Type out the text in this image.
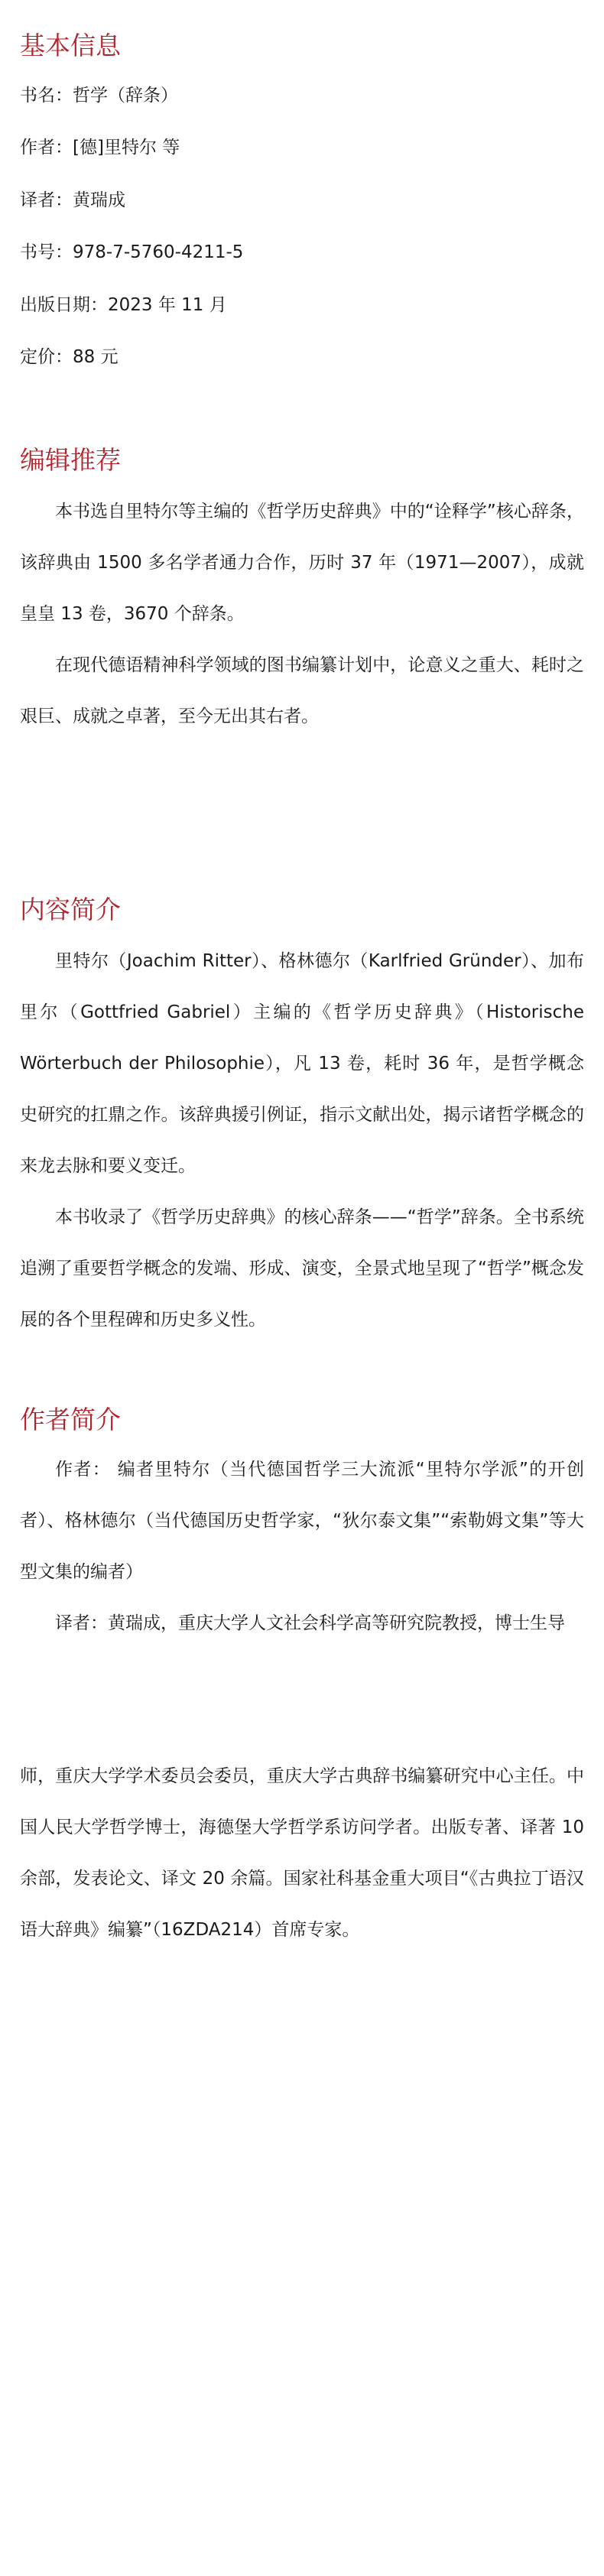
基本信息

书名：哲学（辞条）

作者：[德]里特尔 等

译者：黄瑞成

书号：978-7-5760-4211-5

出版日期：2023 年 11 月

定价：88 元

编辑推荐

本书选自里特尔等主编的《哲学历史辞典》中的“诠释学”核心辞条，该辞典由 1500 多名学者通力合作，历时 37 年（1971—2007），成就皇皇 13 卷，3670 个辞条。

在现代德语精神科学领域的图书编纂计划中，论意义之重大、耗时之艰巨、成就之卓著，至今无出其右者。

内容简介

里特尔（Joachim Ritter）、格林德尔（Karlfried Gründer）、加布里尔（Gottfried Gabriel）主编的《哲学历史辞典》（Historische Wörterbuch der Philosophie），凡 13 卷，耗时 36 年，是哲学概念史研究的扛鼎之作。该辞典援引例证，指示文献出处，揭示诸哲学概念的来龙去脉和要义变迁。

本书收录了《哲学历史辞典》的核心辞条——“哲学”辞条。全书系统追溯了重要哲学概念的发端、形成、演变，全景式地呈现了“哲学”概念发展的各个里程碑和历史多义性。

作者简介

作者： 编者里特尔（当代德国哲学三大流派“里特尔学派”的开创者）、格林德尔（当代德国历史哲学家，“狄尔泰文集”“索勒姆文集”等大型文集的编者）

译者：黄瑞成，重庆大学人文社会科学高等研究院教授，博士生导

师，重庆大学学术委员会委员，重庆大学古典辞书编纂研究中心主任。中国人民大学哲学博士，海德堡大学哲学系访问学者。出版专著、译著 10 余部，发表论文、译文 20 余篇。国家社科基金重大项目“《古典拉丁语汉语大辞典》编纂”（16ZDA214）首席专家。
